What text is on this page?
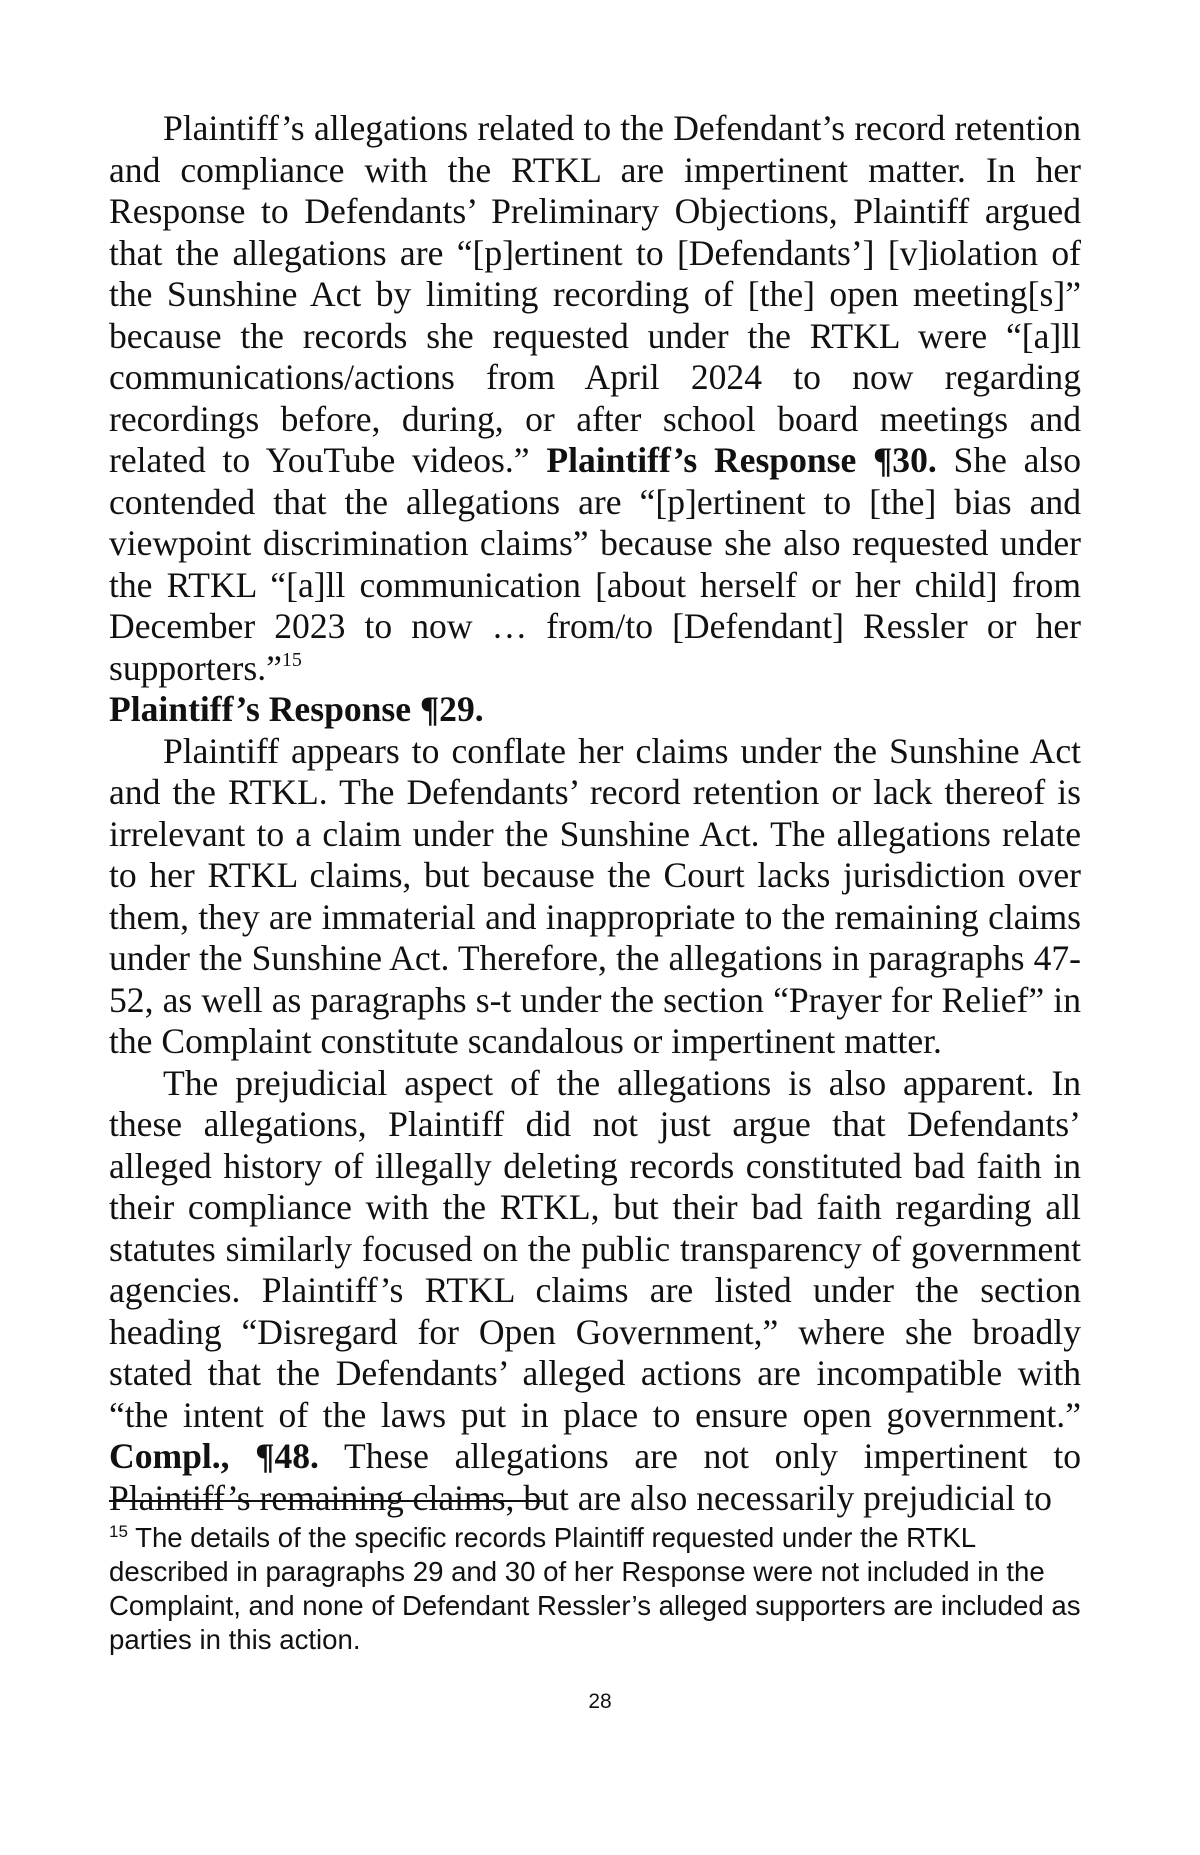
Plaintiff’s allegations related to the Defendant’s record retention and compliance with the RTKL are impertinent matter. In her Response to Defendants’ Preliminary Objections, Plaintiff argued that the allegations are “[p]ertinent to [Defendants’] [v]iolation of the Sunshine Act by limiting recording of [the] open meeting[s]” because the records she requested under the RTKL were “[a]ll communications/actions from April 2024 to now regarding recordings before, during, or after school board meetings and related to YouTube videos.” Plaintiff’s Response ¶30. She also contended that the allegations are “[p]ertinent to [the] bias and viewpoint discrimination claims” because she also requested under the RTKL “[a]ll communication [about herself or her child] from December 2023 to now … from/to [Defendant] Ressler or her supporters.”$^{15}$
Plaintiff’s Response ¶29.

Plaintiff appears to conflate her claims under the Sunshine Act and the RTKL. The Defendants’ record retention or lack thereof is irrelevant to a claim under the Sunshine Act. The allegations relate to her RTKL claims, but because the Court lacks jurisdiction over them, they are immaterial and inappropriate to the remaining claims under the Sunshine Act. Therefore, the allegations in paragraphs 47-52, as well as paragraphs s-t under the section “Prayer for Relief” in the Complaint constitute scandalous or impertinent matter.

The prejudicial aspect of the allegations is also apparent. In these allegations, Plaintiff did not just argue that Defendants’ alleged history of illegally deleting records constituted bad faith in their compliance with the RTKL, but their bad faith regarding all statutes similarly focused on the public transparency of government agencies. Plaintiff’s RTKL claims are listed under the section heading “Disregard for Open Government,” where she broadly stated that the Defendants’ alleged actions are incompatible with “the intent of the laws put in place to ensure open government.” Compl., ¶48. These allegations are not only impertinent to Plaintiff’s remaining claims, but are also necessarily prejudicial to

$^{15}$ The details of the specific records Plaintiff requested under the RTKL described in paragraphs 29 and 30 of her Response were not included in the Complaint, and none of Defendant Ressler’s alleged supporters are included as parties in this action.

28
